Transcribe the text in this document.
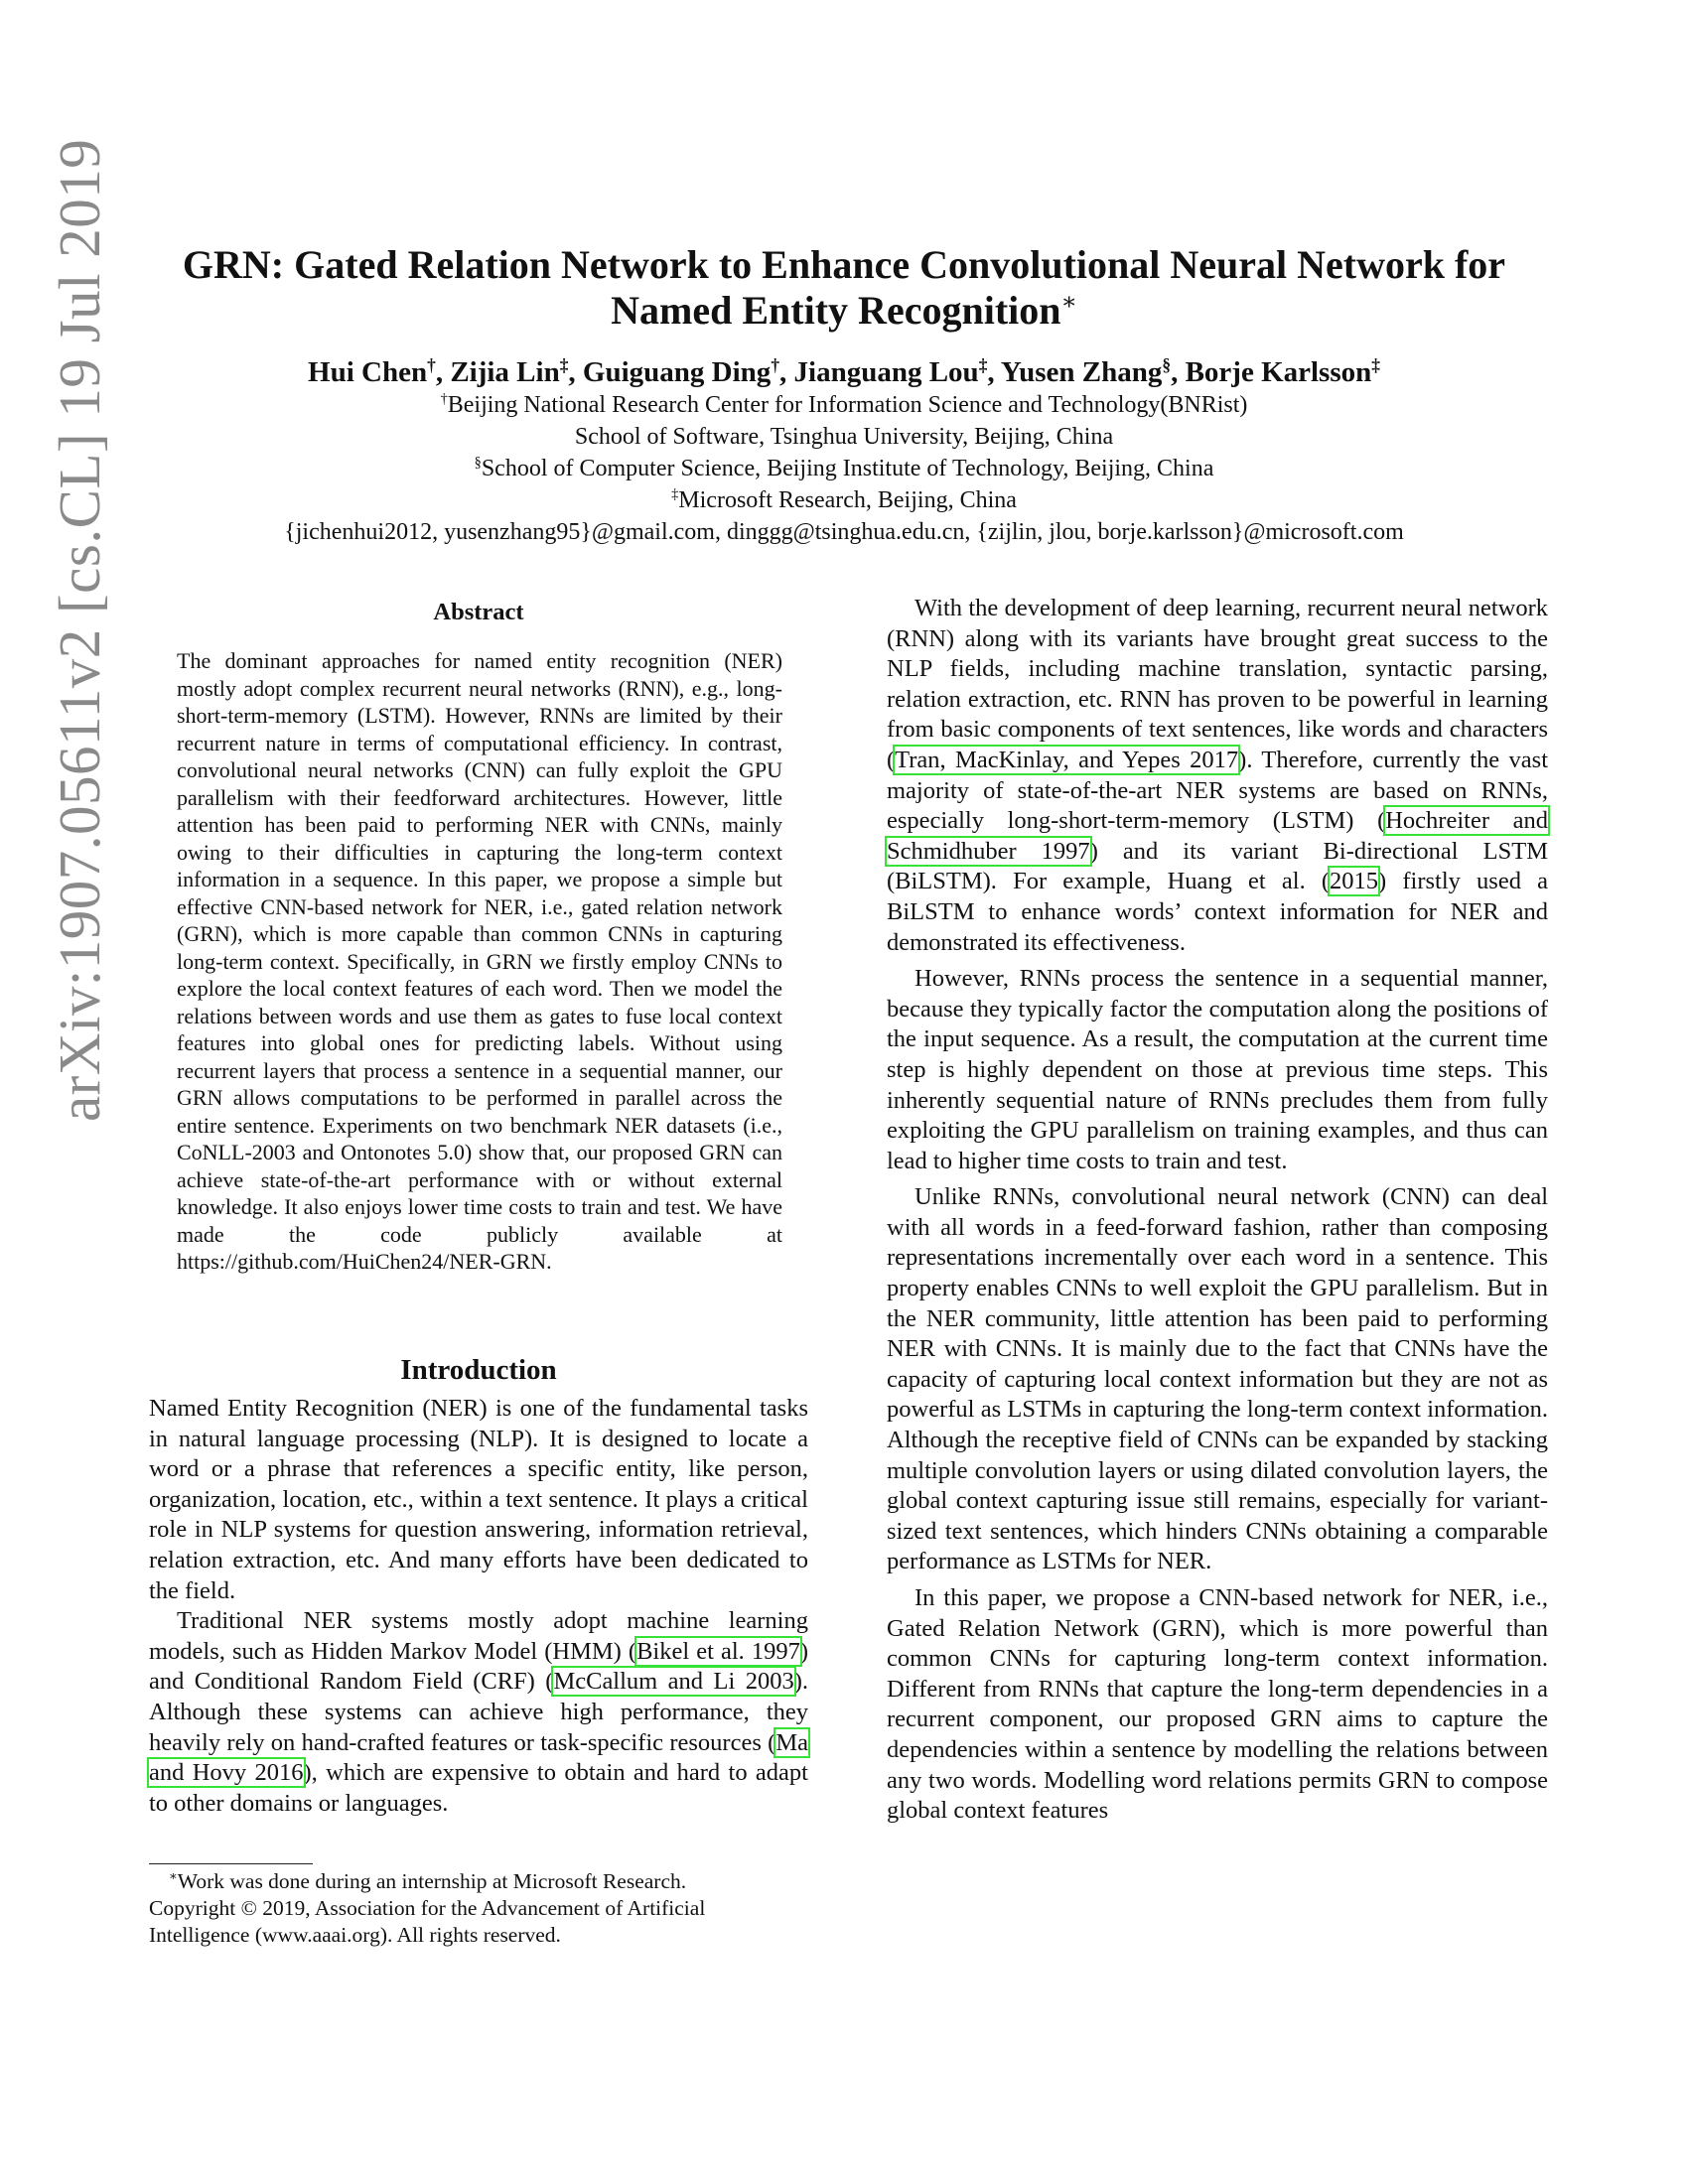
arXiv:1907.05611v2 [cs.CL] 19 Jul 2019	GRN: Gated Relation Network to Enhance Convolutional Neural Network for
Named Entity Recognition∗
Hui Chen†, Zijia Lin‡, Guiguang Ding†, Jianguang Lou‡, Yusen Zhang§, Borje Karlsson‡
†Beijing National Research Center for Information Science and Technology(BNRist)
School of Software, Tsinghua University, Beijing, China
§School of Computer Science, Beijing Institute of Technology, Beijing, China
‡Microsoft Research, Beijing, China
{jichenhui2012, yusenzhang95}@gmail.com, dinggg@tsinghua.edu.cn, {zijlin, jlou, borje.karlsson}@microsoft.com

Abstract

The dominant approaches for named entity recognition (NER) mostly adopt complex recurrent neural networks (RNN), e.g., long-short-term-memory (LSTM). However, RNNs are limited by their recurrent nature in terms of computational efficiency. In contrast, convolutional neural networks (CNN) can fully exploit the GPU parallelism with their feedforward architectures. However, little attention has been paid to performing NER with CNNs, mainly owing to their difficulties in capturing the long-term context information in a sequence. In this paper, we propose a simple but effective CNN-based network for NER, i.e., gated relation network (GRN), which is more capable than common CNNs in capturing long-term context. Specifically, in GRN we firstly employ CNNs to explore the local context features of each word. Then we model the relations between words and use them as gates to fuse local context features into global ones for predicting labels. Without using recurrent layers that process a sentence in a sequential manner, our GRN allows computations to be performed in parallel across the entire sentence. Experiments on two benchmark NER datasets (i.e., CoNLL-2003 and Ontonotes 5.0) show that, our proposed GRN can achieve state-of-the-art performance with or without external knowledge. It also enjoys lower time costs to train and test. We have made the code publicly available at https://github.com/HuiChen24/NER-GRN.

Introduction

Named Entity Recognition (NER) is one of the fundamental tasks in natural language processing (NLP). It is designed to locate a word or a phrase that references a specific entity, like person, organization, location, etc., within a text sentence. It plays a critical role in NLP systems for question answering, information retrieval, relation extraction, etc. And many efforts have been dedicated to the field.

Traditional NER systems mostly adopt machine learning models, such as Hidden Markov Model (HMM) (Bikel et al. 1997) and Conditional Random Field (CRF) (McCallum and Li 2003). Although these systems can achieve high performance, they heavily rely on hand-crafted features or task-specific resources (Ma and Hovy 2016), which are expensive to obtain and hard to adapt to other domains or languages.

∗Work was done during an internship at Microsoft Research.

Copyright © 2019, Association for the Advancement of Artificial Intelligence (www.aaai.org). All rights reserved.

With the development of deep learning, recurrent neural network (RNN) along with its variants have brought great success to the NLP fields, including machine translation, syntactic parsing, relation extraction, etc. RNN has proven to be powerful in learning from basic components of text sentences, like words and characters (Tran, MacKinlay, and Yepes 2017). Therefore, currently the vast majority of state-of-the-art NER systems are based on RNNs, especially long-short-term-memory (LSTM) (Hochreiter and Schmidhuber 1997) and its variant Bi-directional LSTM (BiLSTM). For example, Huang et al. (2015) firstly used a BiLSTM to enhance words’ context information for NER and demonstrated its effectiveness.

However, RNNs process the sentence in a sequential manner, because they typically factor the computation along the positions of the input sequence. As a result, the computation at the current time step is highly dependent on those at previous time steps. This inherently sequential nature of RNNs precludes them from fully exploiting the GPU parallelism on training examples, and thus can lead to higher time costs to train and test.

Unlike RNNs, convolutional neural network (CNN) can deal with all words in a feed-forward fashion, rather than composing representations incrementally over each word in a sentence. This property enables CNNs to well exploit the GPU parallelism. But in the NER community, little attention has been paid to performing NER with CNNs. It is mainly due to the fact that CNNs have the capacity of capturing local context information but they are not as powerful as LSTMs in capturing the long-term context information. Although the receptive field of CNNs can be expanded by stacking multiple convolution layers or using dilated convolution layers, the global context capturing issue still remains, especially for variant-sized text sentences, which hinders CNNs obtaining a comparable performance as LSTMs for NER.

In this paper, we propose a CNN-based network for NER, i.e., Gated Relation Network (GRN), which is more powerful than common CNNs for capturing long-term context information. Different from RNNs that capture the long-term dependencies in a recurrent component, our proposed GRN aims to capture the dependencies within a sentence by modelling the relations between any two words. Modelling word relations permits GRN to compose global context features
